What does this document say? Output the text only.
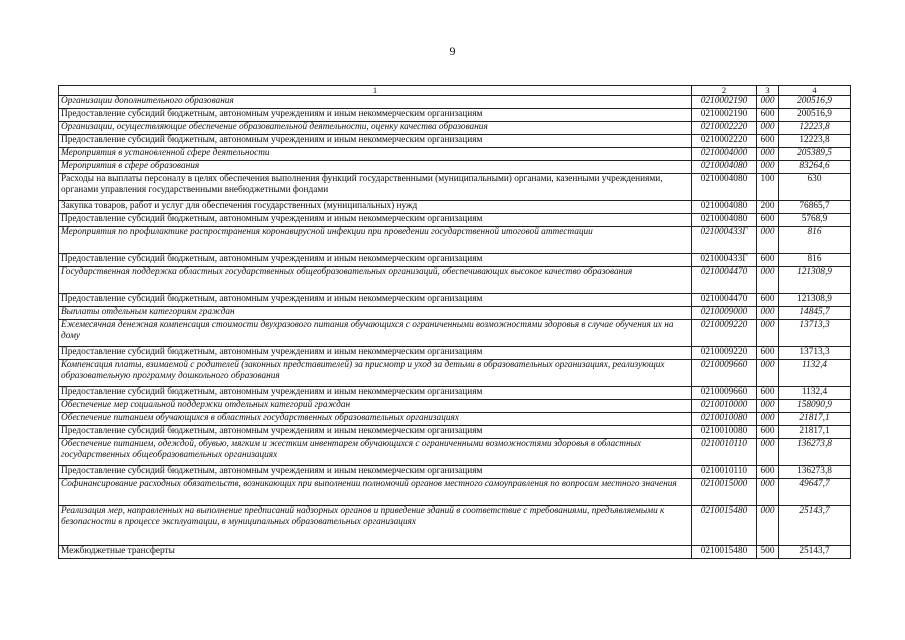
9
1	2	3	4
Организации дополнительного образования	0210002190	000	200516,9
Предоставление субсидий бюджетным, автономным учреждениям и иным некоммерческим организациям	0210002190	600	200516,9
Организации, осуществляющие обеспечение образовательной деятельности, оценку качества образования	0210002220	000	12223,8
Предоставление субсидий бюджетным, автономным учреждениям и иным некоммерческим организациям	0210002220	600	12223,8
Мероприятия в установленной сфере деятельности	0210004000	000	205389,5
Мероприятия в сфере образования	0210004080	000	83264,6
Расходы на выплаты персоналу в целях обеспечения выполнения функций государственными (муниципальными) органами, казенными учреждениями, органами управления государственными внебюджетными фондами	0210004080	100	630
Закупка товаров, работ и услуг для обеспечения государственных (муниципальных) нужд	0210004080	200	76865,7
Предоставление субсидий бюджетным, автономным учреждениям и иным некоммерческим организациям	0210004080	600	5768,9
Мероприятия по профилактике распространения коронавирусной инфекции при проведении государственной итоговой аттестации	021000433Г	000	816
Предоставление субсидий бюджетным, автономным учреждениям и иным некоммерческим организациям	021000433Г	600	816
Государственная поддержка областных государственных общеобразовательных организаций, обеспечивающих высокое качество образования	0210004470	000	121308,9
Предоставление субсидий бюджетным, автономным учреждениям и иным некоммерческим организациям	0210004470	600	121308,9
Выплаты отдельным категориям граждан	0210009000	000	14845,7
Ежемесячная денежная компенсация стоимости двухразового питания обучающихся с ограниченными возможностями здоровья в случае обучения их на дому	0210009220	000	13713,3
Предоставление субсидий бюджетным, автономным учреждениям и иным некоммерческим организациям	0210009220	600	13713,3
Компенсация платы, взимаемой с родителей (законных представителей) за присмотр и уход за детьми в образовательных организациях, реализующих образовательную программу дошкольного образования	0210009660	000	1132,4
Предоставление субсидий бюджетным, автономным учреждениям и иным некоммерческим организациям	0210009660	600	1132,4
Обеспечение мер социальной поддержки отдельных категорий граждан	0210010000	000	158090,9
Обеспечение питанием обучающихся в областных государственных образовательных организациях	0210010080	000	21817,1
Предоставление субсидий бюджетным, автономным учреждениям и иным некоммерческим организациям	0210010080	600	21817,1
Обеспечение питанием, одеждой, обувью, мягким и жестким инвентарем обучающихся с ограниченными возможностями здоровья в областных государственных общеобразовательных организациях	0210010110	000	136273,8
Предоставление субсидий бюджетным, автономным учреждениям и иным некоммерческим организациям	0210010110	600	136273,8
Софинансирование расходных обязательств, возникающих при выполнении полномочий органов местного самоуправления по вопросам местного значения	0210015000	000	49647,7
Реализация мер, направленных на выполнение предписаний надзорных органов и приведение зданий в соответствие с требованиями, предъявляемыми к безопасности в процессе эксплуатации, в муниципальных образовательных организациях	0210015480	000	25143,7
Межбюджетные трансферты	0210015480	500	25143,7
